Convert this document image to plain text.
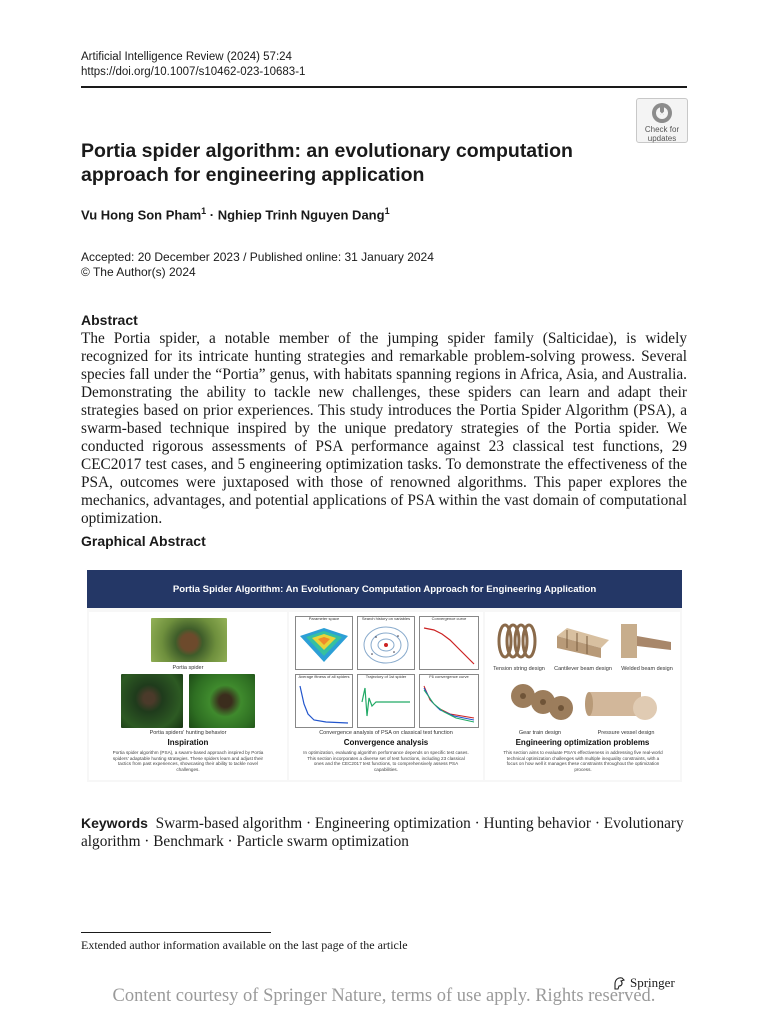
Artificial Intelligence Review (2024) 57:24
https://doi.org/10.1007/s10462-023-10683-1
Check for
updates
Portia spider algorithm: an evolutionary computation approach for engineering application
Vu Hong Son Pham$^1$ · Nghiep Trinh Nguyen Dang$^1$
Accepted: 20 December 2023 / Published online: 31 January 2024
© The Author(s) 2024
Abstract
The Portia spider, a notable member of the jumping spider family (Salticidae), is widely recognized for its intricate hunting strategies and remarkable problem-solving prowess. Several species fall under the “Portia” genus, with habitats spanning regions in Africa, Asia, and Australia. Demonstrating the ability to tackle new challenges, these spiders can learn and adapt their strategies based on prior experiences. This study introduces the Portia Spider Algorithm (PSA), a swarm-based technique inspired by the unique predatory strategies of the Portia spider. We conducted rigorous assessments of PSA performance against 23 classical test functions, 29 CEC2017 test cases, and 5 engineering optimization tasks. To demonstrate the effectiveness of the PSA, outcomes were juxtaposed with those of renowned algorithms. This paper explores the mechanics, advantages, and potential applications of PSA within the vast domain of computational optimization.
Graphical Abstract
Portia Spider Algorithm: An Evolutionary Computation Approach for Engineering Application
Portia spider
Portia spiders' hunting behavior
Inspiration
Portia spider algorithm (PSA), a swarm-based approach inspired by Portia spiders' adaptable hunting strategies. These spiders learn and adjust their tactics from past experiences, showcasing their ability to tackle novel challenges.
Parameter space	Search history on variables	Convergence curve
Average fitness of all spiders	Trajectory of 1st spider	F6 convergence curve
Convergence analysis of PSA on classical test function
Convergence analysis
In optimization, evaluating algorithm performance depends on specific test cases. This section incorporates a diverse set of test functions, including 23 classical ones and the CEC2017 test functions, to comprehensively assess PSA capabilities.
Tension string design	Cantilever beam design	Welded beam design
Gear train design	Pressure vessel design
Engineering optimization problems
This section aims to evaluate PSA's effectiveness in addressing five real-world technical optimization challenges with multiple inequality constraints, with a focus on how well it manages these constraints throughout the optimization process.
Keywords Swarm-based algorithm · Engineering optimization · Hunting behavior · Evolutionary algorithm · Benchmark · Particle swarm optimization
Extended author information available on the last page of the article
Springer
Content courtesy of Springer Nature, terms of use apply. Rights reserved.
